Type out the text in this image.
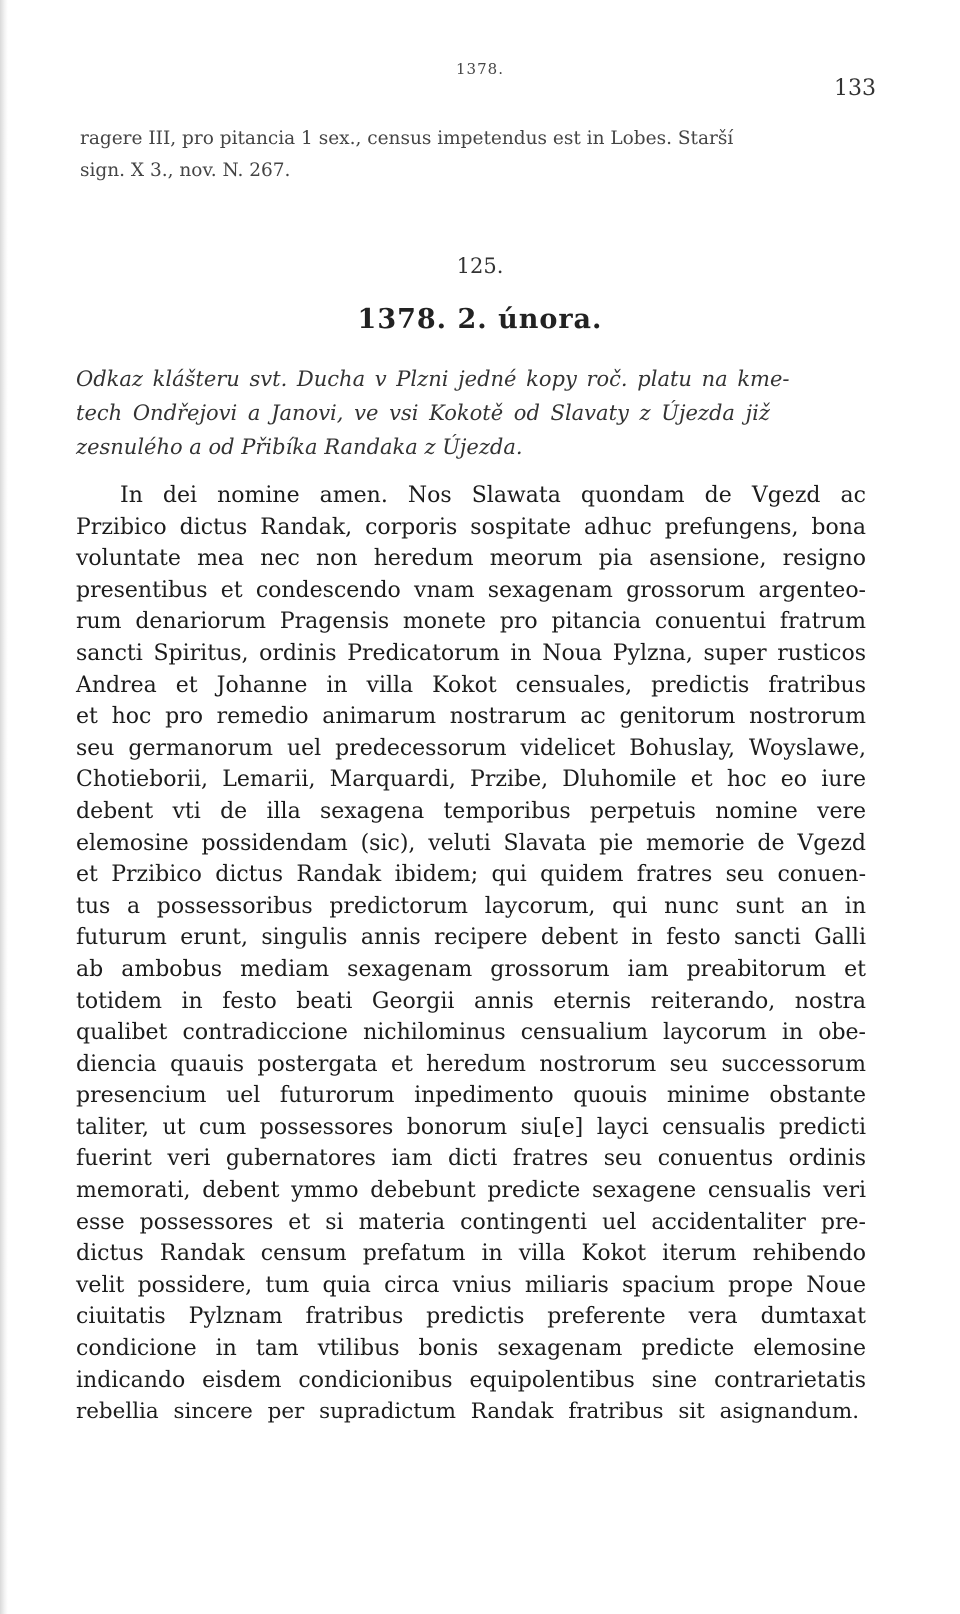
1378.
133
ragere III, pro pitancia 1 sex., census impetendus est in Lobes. Starší
sign. X 3., nov. N. 267.
125.
1378. 2. února.
Odkaz klášteru svt. Ducha v Plzni jedné kopy roč. platu na kme-
tech Ondřejovi a Janovi, ve vsi Kokotě od Slavaty z Újezda již
zesnulého a od Přibíka Randaka z Újezda.
In dei nomine amen. Nos Slawata quondam de Vgezd ac
Przibico dictus Randak, corporis sospitate adhuc prefungens, bona
voluntate mea nec non heredum meorum pia asensione, resigno
presentibus et condescendo vnam sexagenam grossorum argenteo-
rum denariorum Pragensis monete pro pitancia conuentui fratrum
sancti Spiritus, ordinis Predicatorum in Noua Pylzna, super rusticos
Andrea et Johanne in villa Kokot censuales, predictis fratribus
et hoc pro remedio animarum nostrarum ac genitorum nostrorum
seu germanorum uel predecessorum videlicet Bohuslay, Woyslawe,
Chotieborii, Lemarii, Marquardi, Przibe, Dluhomile et hoc eo iure
debent vti de illa sexagena temporibus perpetuis nomine vere
elemosine possidendam (sic), veluti Slavata pie memorie de Vgezd
et Przibico dictus Randak ibidem; qui quidem fratres seu conuen-
tus a possessoribus predictorum laycorum, qui nunc sunt an in
futurum erunt, singulis annis recipere debent in festo sancti Galli
ab ambobus mediam sexagenam grossorum iam preabitorum et
totidem in festo beati Georgii annis eternis reiterando, nostra
qualibet contradiccione nichilominus censualium laycorum in obe-
diencia quauis postergata et heredum nostrorum seu successorum
presencium uel futurorum inpedimento quouis minime obstante
taliter, ut cum possessores bonorum siu[e] layci censualis predicti
fuerint veri gubernatores iam dicti fratres seu conuentus ordinis
memorati, debent ymmo debebunt predicte sexagene censualis veri
esse possessores et si materia contingenti uel accidentaliter pre-
dictus Randak censum prefatum in villa Kokot iterum rehibendo
velit possidere, tum quia circa vnius miliaris spacium prope Noue
ciuitatis Pylznam fratribus predictis preferente vera dumtaxat
condicione in tam vtilibus bonis sexagenam predicte elemosine
indicando eisdem condicionibus equipolentibus sine contrarietatis
rebellia sincere per supradictum Randak fratribus sit asignandum.
